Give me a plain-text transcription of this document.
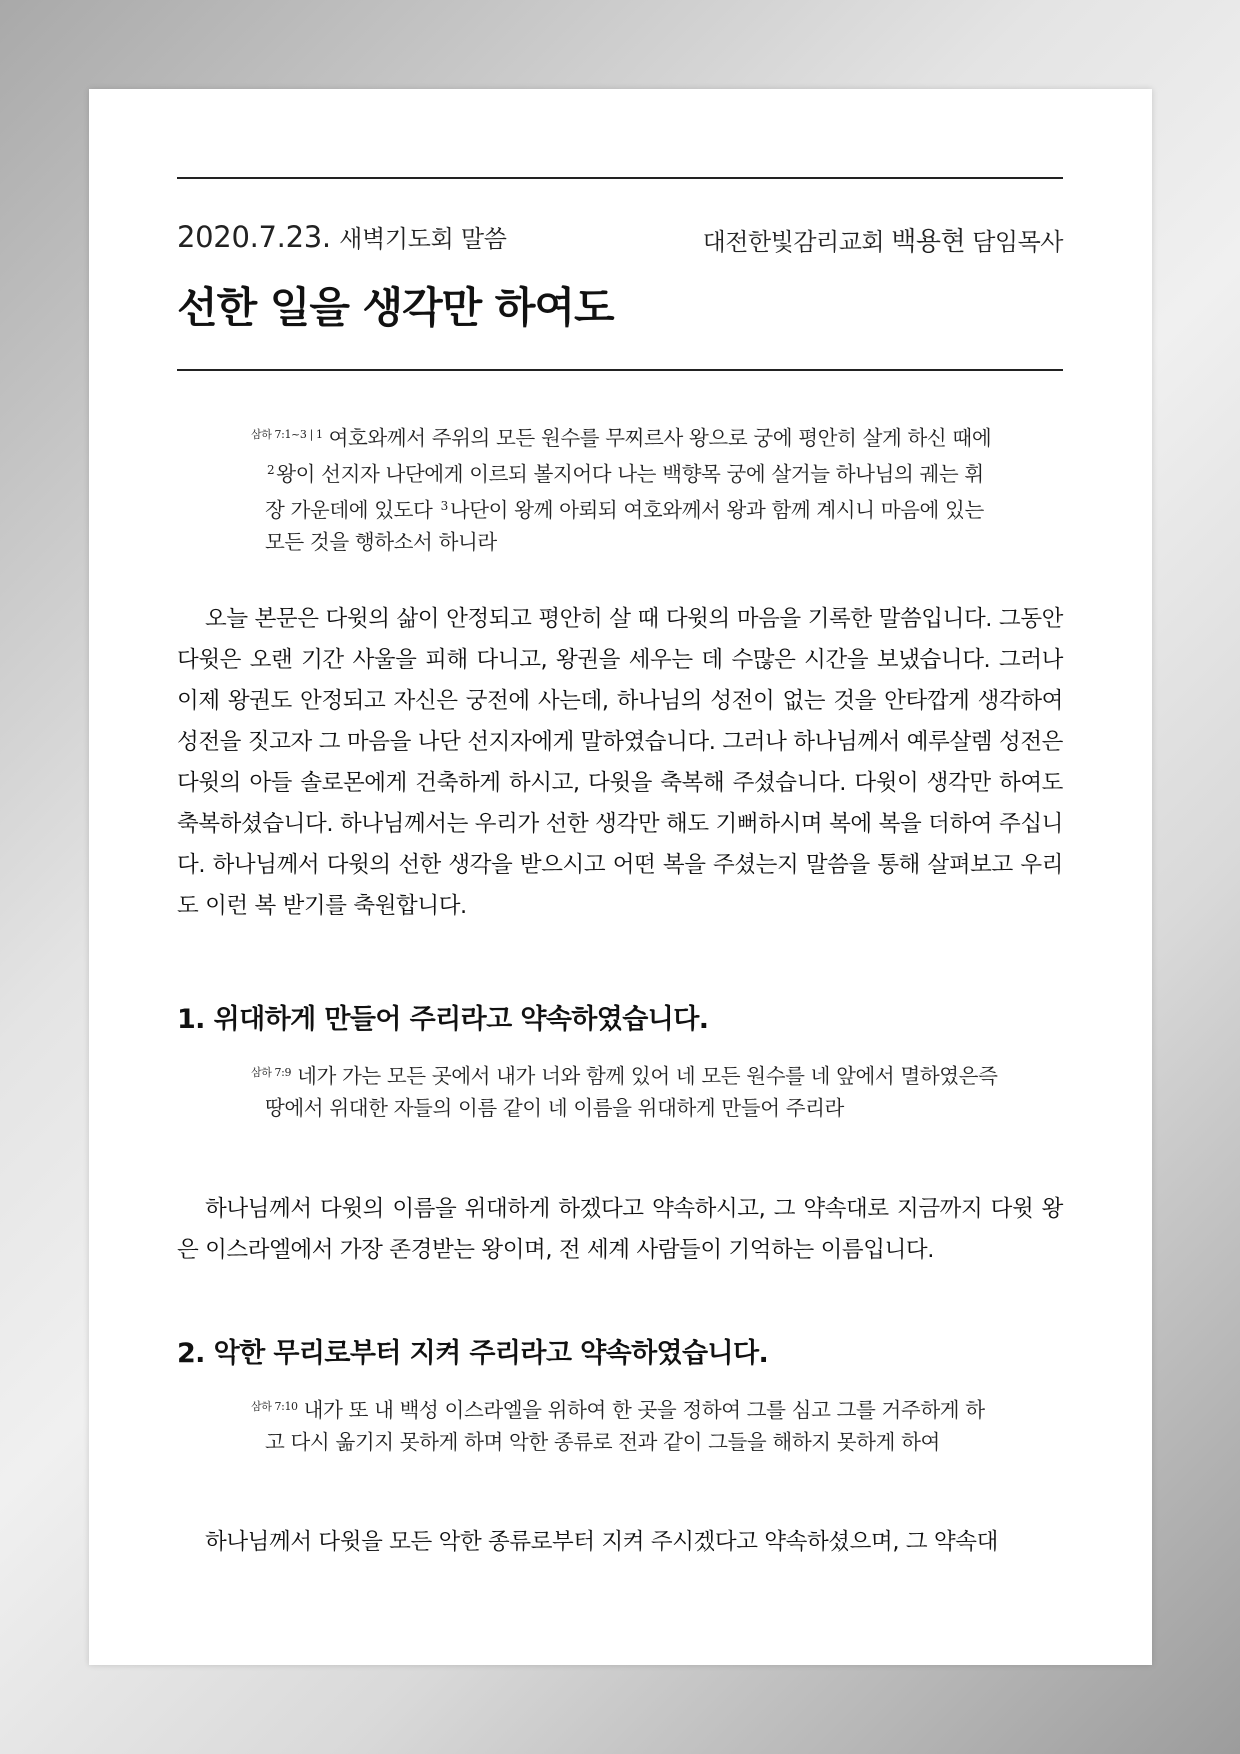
2020.7.23. 새벽기도회 말씀	대전한빛감리교회 백용현 담임목사
선한 일을 생각만 하여도
$^{삼하 7:1\sim 3 | 1}$ 여호와께서 주위의 모든 원수를 무찌르사 왕으로 궁에 평안히 살게 하신 때에 $^2$왕이 선지자 나단에게 이르되 볼지어다 나는 백향목 궁에 살거늘 하나님의 궤는 휘장 가운데에 있도다 $^3$나단이 왕께 아뢰되 여호와께서 왕과 함께 계시니 마음에 있는 모든 것을 행하소서 하니라
오늘 본문은 다윗의 삶이 안정되고 평안히 살 때 다윗의 마음을 기록한 말씀입니다. 그동안 다윗은 오랜 기간 사울을 피해 다니고, 왕권을 세우는 데 수많은 시간을 보냈습니다. 그러나 이제 왕권도 안정되고 자신은 궁전에 사는데, 하나님의 성전이 없는 것을 안타깝게 생각하여 성전을 짓고자 그 마음을 나단 선지자에게 말하였습니다. 그러나 하나님께서 예루살렘 성전은 다윗의 아들 솔로몬에게 건축하게 하시고, 다윗을 축복해 주셨습니다. 다윗이 생각만 하여도 축복하셨습니다. 하나님께서는 우리가 선한 생각만 해도 기뻐하시며 복에 복을 더하여 주십니다. 하나님께서 다윗의 선한 생각을 받으시고 어떤 복을 주셨는지 말씀을 통해 살펴보고 우리도 이런 복 받기를 축원합니다.
1. 위대하게 만들어 주리라고 약속하였습니다.
$^{삼하 7:9}$ 네가 가는 모든 곳에서 내가 너와 함께 있어 네 모든 원수를 네 앞에서 멸하였은즉 땅에서 위대한 자들의 이름 같이 네 이름을 위대하게 만들어 주리라
하나님께서 다윗의 이름을 위대하게 하겠다고 약속하시고, 그 약속대로 지금까지 다윗 왕은 이스라엘에서 가장 존경받는 왕이며, 전 세계 사람들이 기억하는 이름입니다.
2. 악한 무리로부터 지켜 주리라고 약속하였습니다.
$^{삼하 7:10}$ 내가 또 내 백성 이스라엘을 위하여 한 곳을 정하여 그를 심고 그를 거주하게 하고 다시 옮기지 못하게 하며 악한 종류로 전과 같이 그들을 해하지 못하게 하여
하나님께서 다윗을 모든 악한 종류로부터 지켜 주시겠다고 약속하셨으며, 그 약속대
